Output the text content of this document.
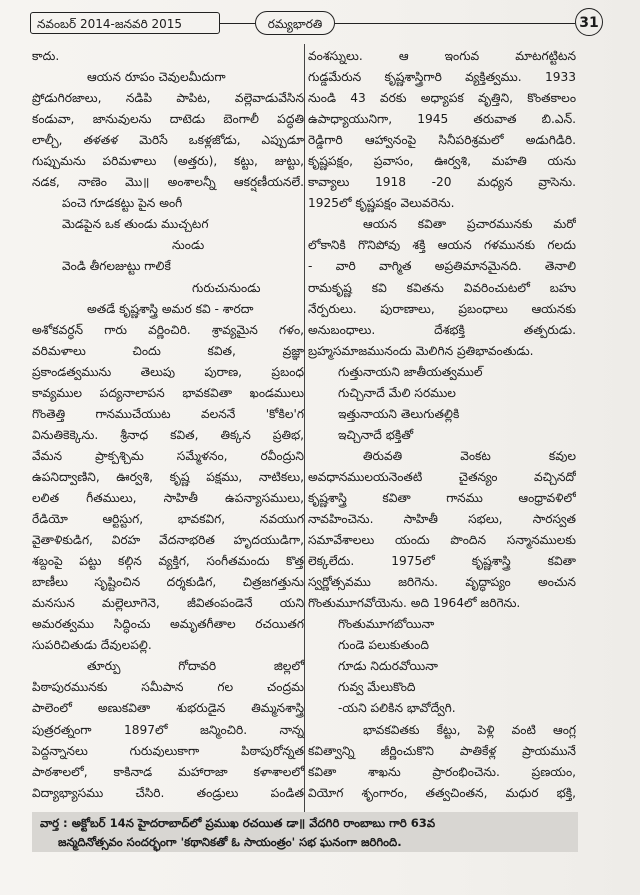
నవంబర్ 2014-జనవరి 2015	రమ్యభారతి	31
కాదు.
ఆయన రూపం చెవులమీదుగా
ప్రోడుగిరజాలు, నడిపి పాపిట, వల్లెవాడువేసిన
కండువా, జానువులను దాటెడు బెంగాలీ పద్ధతి
లాల్చీ, తళతళ మెరిసే ఒకళ్లజోడు, ఎప్పుడూ
గుప్పుమను పరిమళాలు (అత్తరు), కట్టు, జుట్టు,
నడక, నాణెం మొ॥ అంశాలన్నీ ఆకర్షణీయనలే.
పంచె గూడకట్టు పైన అంగీ
మెడపైన ఒక తుండు ముచ్చటగ
నుండు
వెండి తీగలజుట్టు గాలికే
గురుచునుండు
అతడే కృష్ణశాస్త్రి అమర కవి - శారదా
అశోకవర్ధన్ గారు వర్ణించిరి. శ్రావ్యమైన గళం,
వరిమళాలు చిందు కవిత, వ్రజ్ఞా
ప్రకాండత్వమును తెలుపు పురాణ, ప్రబంధ
కావ్యముల పద్యనాలాపన భావకవితా ఖండములు
గొంతెత్తి గానముచేయుట వలననే 'కోకిల'గ
వినుతికెక్కెను. శ్రీనాధ కవిత, తిక్కన ప్రతిభ,
వేమన ప్రాక్పశ్చిమ సమ్మేళనం, రవీంద్రుని
ఉపనిద్వాణిని, ఊర్వశి, కృష్ణ పక్షము, నాటికలు,
లలిత గీతములు, సాహితీ ఉపన్యాసములు,
రేడియో ఆర్టిస్టుగ, భావకవిగ, నవయుగ
వైతాళికుడిగ, విరహ వేదనాభరిత హృదయుడిగా,
శబ్దంపై పట్టు కల్గిన వ్యక్తిగ, సంగీతమందు కొత్త
బాణీలు సృష్టించిన దర్శకుడిగ, చిత్రజగత్తును
మనసున మల్లెలూగెనె, జీవితంపండెనే యని
అమరత్వము సిద్ధించు అమృతగీతాల రచయితగ
సుపరిచితుడు దేవులపల్లి.
తూర్పు గోదావరి జిల్లలో
పిఠాపురమునకు సమీపాన గల చంద్రమ
పాలెంలో అణుకవితా శుభరుడైన తిమ్మనశాస్త్రి
పుత్రరత్నంగా 1897లో జన్మించిరి. నాన్న
పెద్దన్నానలు గురువులుకాగా పిఠాపురోన్నత
పాఠశాలలో, కాకినాడ మహారాజా కళాశాలలో
విద్యాభ్యాసము చేసిరి. తండ్రులు పండిత
వంశస్నులు. ఆ ఇంగువ మాటగట్టిటన
గుడ్డమేరున కృష్ణశాస్త్రిగారి వ్యక్తిత్వము. 1933
నుండి 43 వరకు అధ్యాపక వృత్తిని, కొంతకాలం
ఉపాధ్యాయునిగా, 1945 తరువాత బి.ఎన్.
రెడ్డిగారి ఆహ్వానంపై సినీపరిశ్రమలో అడుగిడిరి.
కృష్ణపక్షం, ప్రవాసం, ఊర్వశి, మహతి యను
కావ్యాలు 1918 -20 మధ్యన వ్రాసెను.
1925లో కృష్ణపక్షం వెలువరెను.
ఆయన కవితా ప్రచారమునకు మరో
లోకానికి గొనిపోవు శక్తి ఆయన గళమునకు గలదు
- వారి వాగ్మిత అప్రతిమానమైనది. తెనాలి
రామకృష్ణ కవి కవితను వివరించుటలో బహు
నేర్పరులు. పురాణాలు, ప్రబంధాలు ఆయనకు
అనుబంధాలు. దేశభక్తి తత్పరుడు.
బ్రహ్మసమాజమునందు మెలిగిన ప్రతిభావంతుడు.
గుత్తునాయని జాతీయత్వముల్
గుచ్చినాదే మేలి సరముల
ఇత్తునాయని తెలుగుతల్లికి
ఇచ్చినాదే భక్తితో
తిరువతి వెంకట కవుల
అవధానములయనెంతటి చైతన్యం వచ్చినదో
కృష్ణశాస్త్రి కవితా గానము ఆంధ్రావళిలో
నావహించెను. సాహితీ సభలు, సారస్వత
సమావేశాలలు యందు పొందిన సన్మానములకు
లెక్కలేదు. 1975లో కృష్ణశాస్త్రి కవితా
స్వర్ణోత్సవము జరిగెను. వృద్ధాప్యం అంచున
గొంతుమూగవోయెను. అది 1964లో జరిగెను.
గొంతుమూగబోయినా
గుండె పలుకుతుంది
గూడు నిదురవోయినా
గువ్వ మేలుకొంది
-యని పలికిన భావోద్వేగి.
భావకవితకు కేట్టు, పెళ్లి వంటి ఆంగ్ల
కవిత్వాన్ని జీర్ణించుకొని పాతికేళ్ల ప్రాయమునే
కవితా శాఖను ప్రారంభించెను. ప్రణయం,
వియోగ శృంగారం, తత్వచింతన, మధుర భక్తి,
వార్త : అక్టోబర్ 14న హైదరాబాద్‌లో ప్రముఖ రచయిత డా॥ వేదగిరి రాంబాబు గారి 63వ
జన్మదినోత్సవం సందర్భంగా 'కథానికతో ఓ సాయంత్రం' సభ ఘనంగా జరిగింది.
